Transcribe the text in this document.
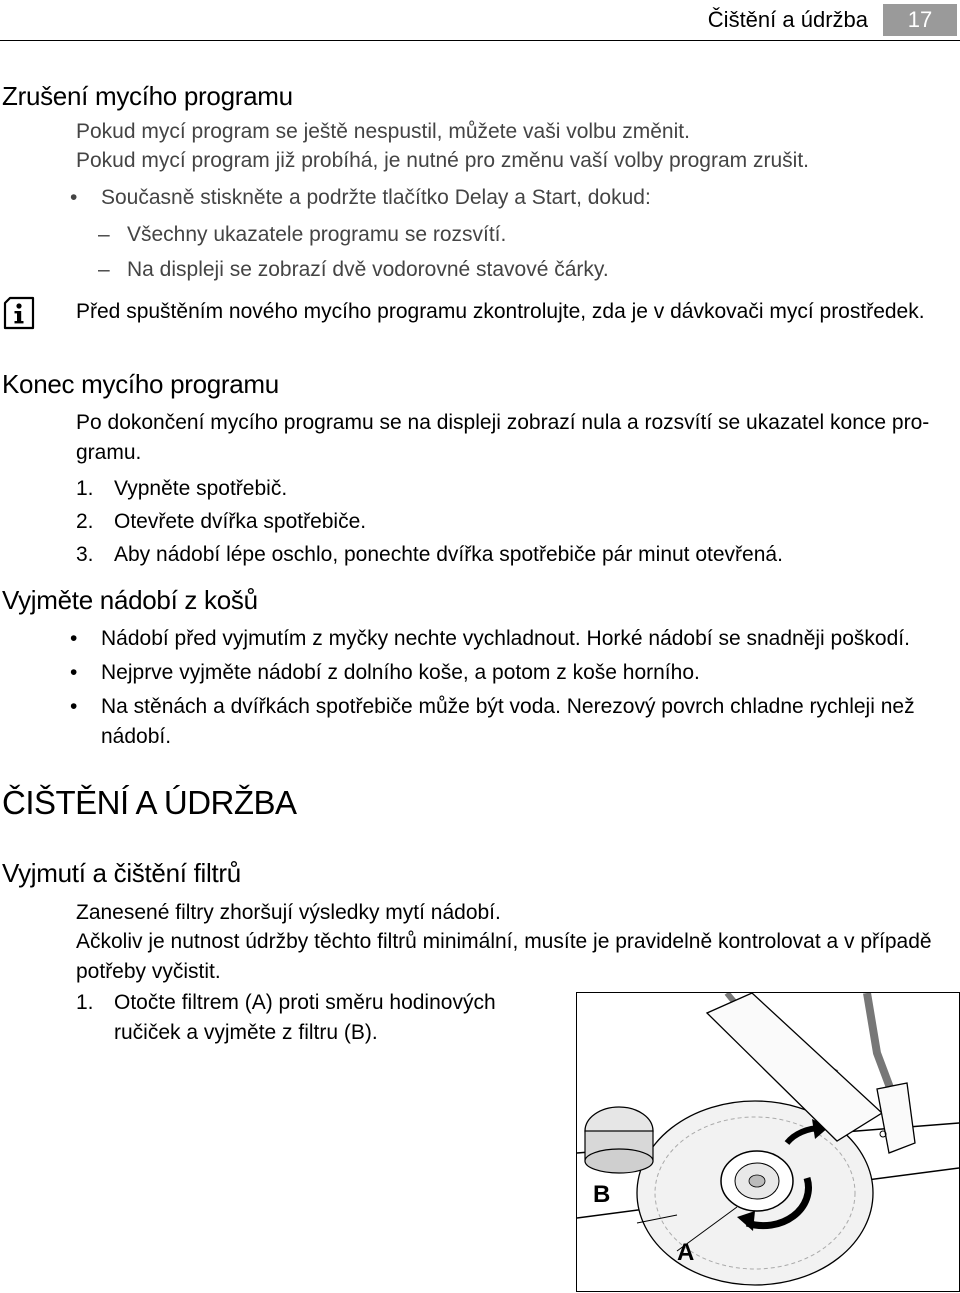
Čištění a údržba	17
Zrušení mycího programu

Pokud mycí program se ještě nespustil, můžete vaši volbu změnit.

Pokud mycí program již probíhá, je nutné pro změnu vaší volby program zrušit.

• Současně stiskněte a podržte tlačítko Delay a Start, dokud:

– Všechny ukazatele programu se rozsvítí.

– Na displeji se zobrazí dvě vodorovné stavové čárky.

Před spuštěním nového mycího programu zkontrolujte, zda je v dávkovači mycí prostředek.

Konec mycího programu

Po dokončení mycího programu se na displeji zobrazí nula a rozsvítí se ukazatel konce pro-gramu.

1. Vypněte spotřebič.

2. Otevřete dvířka spotřebiče.

3. Aby nádobí lépe oschlo, ponechte dvířka spotřebiče pár minut otevřená.

Vyjměte nádobí z košů
• Nádobí před vyjmutím z myčky nechte vychladnout. Horké nádobí se snadněji poškodí.

• Nejprve vyjměte nádobí z dolního koše, a potom z koše horního.

• Na stěnách a dvířkách spotřebiče může být voda. Nerezový povrch chladne rychleji než nádobí.

ČIŠTĚNÍ A ÚDRŽBA
Vyjmutí a čištění filtrů

Zanesené filtry zhoršují výsledky mytí nádobí.

Ačkoliv je nutnost údržby těchto filtrů minimální, musíte je pravidelně kontrolovat a v případě potřeby vyčistit.

1. Otočte filtrem (A) proti směru hodinových ručiček a vyjměte z filtru (B).

B
A
